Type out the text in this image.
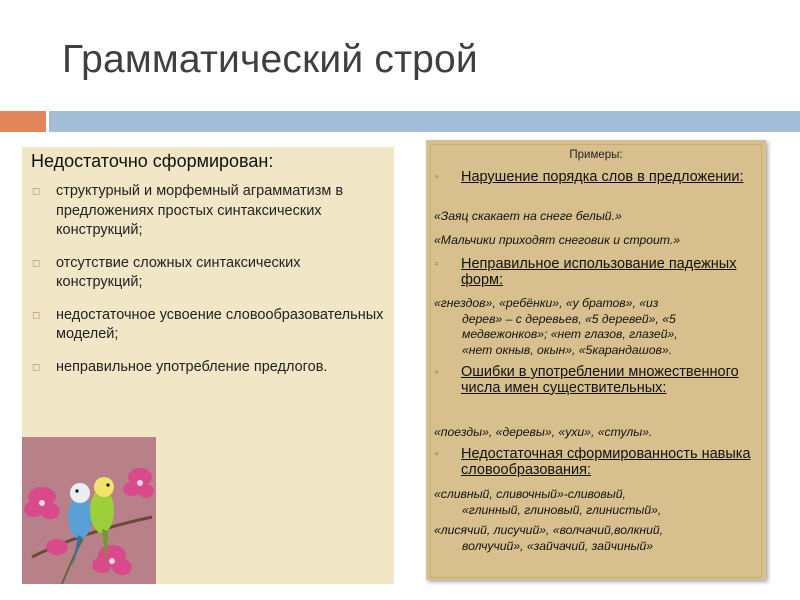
Грамматический строй
Недостаточно сформирован:
◻ структурный и морфемный аграмматизм в предложениях простых синтаксических конструкций;
◻ отсутствие сложных синтаксических конструкций;
◻ недостаточное усвоение словообразовательных моделей;
◻ неправильное употребление предлогов.
Примеры:
▫ Нарушение порядка слов в предложении:
«Заяц скакает на снеге белый.»
«Мальчики приходят снеговик и строит.»
▫ Неправильное использование падежных форм:
«гнездов», «ребёнки», «у братов», «из
дерев» – с деревьев, «5 деревей», «5
медвежонков»; «нет глазов, глазей»,
«нет окныв, окын», «5карандашов».
▫ Ошибки в употреблении множественного числа имен существительных:
«поезды», «деревы», «ухи», «стулы».
▫ Недостаточная сформированность навыка словообразования:
«сливный, сливочный»-сливовый,
«глинный, глиновый, глинистый»,
«лисячий, лисучий», «волчачий,волкний,
волчучий», «зайчачий, зайчиный»
